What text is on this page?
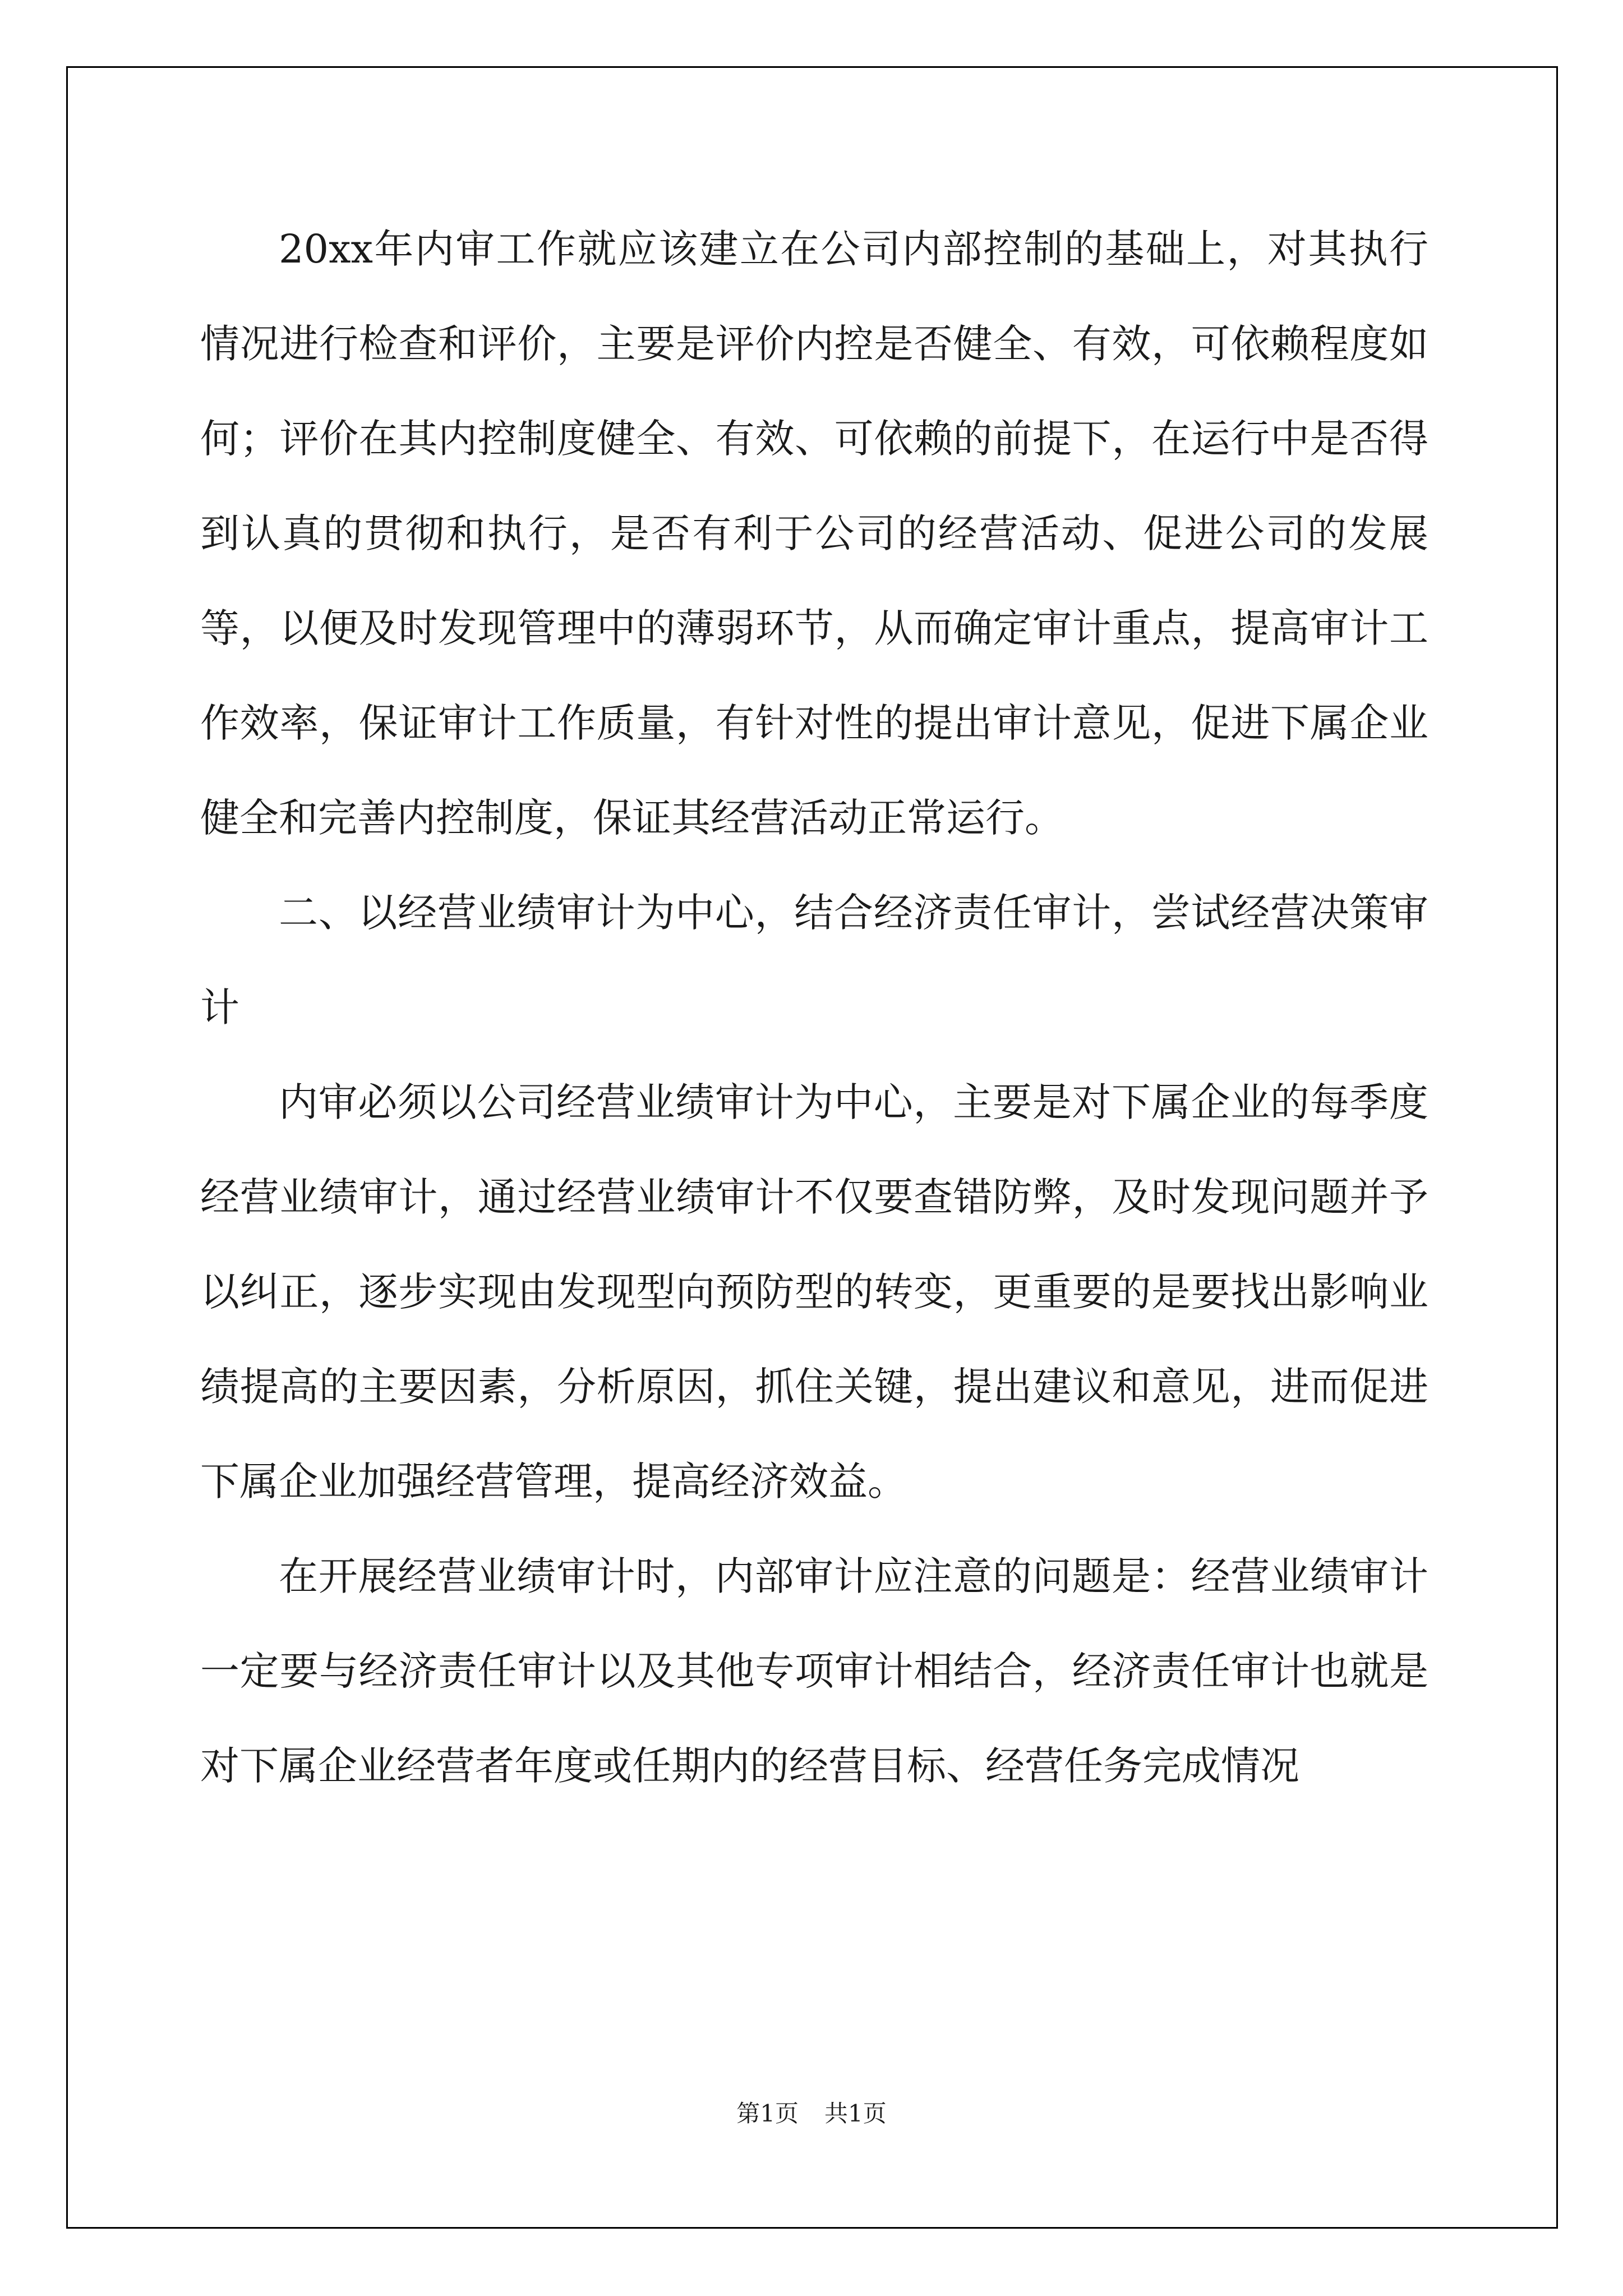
20xx年内审工作就应该建立在公司内部控制的基础上，对其执行情况进行检查和评价，主要是评价内控是否健全、有效，可依赖程度如何；评价在其内控制度健全、有效、可依赖的前提下，在运行中是否得到认真的贯彻和执行，是否有利于公司的经营活动、促进公司的发展等，以便及时发现管理中的薄弱环节，从而确定审计重点，提高审计工作效率，保证审计工作质量，有针对性的提出审计意见，促进下属企业健全和完善内控制度，保证其经营活动正常运行。

二、以经营业绩审计为中心，结合经济责任审计，尝试经营决策审计

内审必须以公司经营业绩审计为中心，主要是对下属企业的每季度经营业绩审计，通过经营业绩审计不仅要查错防弊，及时发现问题并予以纠正，逐步实现由发现型向预防型的转变，更重要的是要找出影响业绩提高的主要因素，分析原因，抓住关键，提出建议和意见，进而促进下属企业加强经营管理，提高经济效益。

在开展经营业绩审计时，内部审计应注意的问题是：经营业绩审计一定要与经济责任审计以及其他专项审计相结合，经济责任审计也就是对下属企业经营者年度或任期内的经营目标、经营任务完成情况

第1页 共1页
